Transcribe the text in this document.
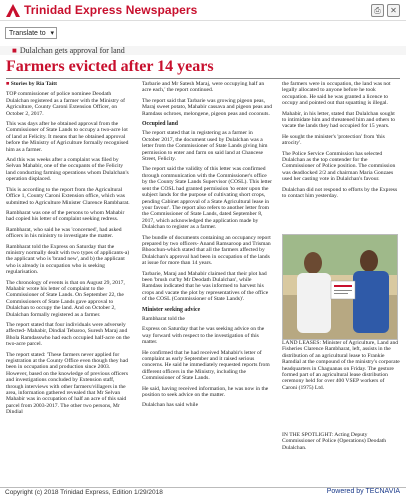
Trinidad Express Newspapers	⎙	✕
Translate to ▾
■ Dulalchan gets approval for land
Farmers evicted after 14 years

■ Stories by Ria Taitt

TOP commissioner of police nominee Deodath Dulalchan registered as a farmer with the Ministry of Agriculture, County Caroni Extension Officer, on October 2, 2017.

This was days after he obtained approval from the Commissioner of State Lands to occupy a two-acre lot of land at Felicity. It means that he obtained approval before the Ministry of Agriculture formally recognised him as a farmer.

And this was weeks after a complaint was filed by Selvan Mahabir, one of the occupants of the Felicity land conducting farming operations whom Dulalchan's operation displaced.

This is according to the report from the Agricultural Office 1, County Caroni Extension office, which was submitted to Agriculture Minister Clarence Rambharat.

Rambharat was one of the persons to whom Mahabir had copied his letter of complaint seeking redress.

Rambharat, who said he was 'concerned', had asked officers in his ministry to investigate the matter.

Rambharat told the Express on Saturday that the ministry normally dealt with two types of applicants-a) the applicant who is 'brand new', and b) the applicant who is already in occupation who is seeking regularisation.

The chronology of events is that on August 29, 2017, Mahabir wrote his letter of complaint to the Commissioner of State Lands. On September 22, the Commissioners of State Lands gave approval to Dulalchan to occupy the land. And on October 2, Dulalchan formally registered as a farmer.

The report stated that four individuals were adversely affected- Mahabir, Dindial Tebaroo, Suresh Maraj and Bhola Ramdasswho had each occupied half-acre on the two-acre parcel.

The report stated: 'These farmers never applied for registration at the County Office even though they had been in occupation and production since 2003. However, based on the knowledge of previous officers and investigations concluded by Extension staff, through interviews with other farmers/villagers in the area, information gathered revealed that Mr Selvan Mahabir was in occupation of half an acre of this said parcel from 2003-2017. The other two persons, Mr Dindial

Tarbarie and Mr Satesh Maraj, were occupying half an acre each,' the report continued.

The report said that Tarbarie was growing pigeon peas, Maraj sweet potato, Mahabir cassava and pigeon peas and Ramdass ochroes, melongene, pigeon peas and coconuts.

Occupied land

The report stated that in registering as a farmer in October 2017, the document used by Dulalchan was a letter from the Commissioner of State Lands giving him permission to enter and farm on said land at Chancese Street, Felicity.

The report said the validity of this letter was confirmed through communication with the Commissioner's office by the County State Lands Supervisor (COSL). This letter sent the COSL had granted permission 'to enter upon the subject lands for the purpose of cultivating short crops, pending Cabinet approval of a State Agricultural lease in your favour'. The report also refers to another letter from the Commissioner of State Lands, dated September 8, 2017, which acknowledged the application made by Dulalchan to register as a farmer.

The bundle of documents containing an occupancy report prepared by two officers- Anand Ramsaroop and Trisman Bhoochun-which stated that all the farmers affected by Dulalchan's approval had been in occupation of the lands at issue for more than 14 years.

Tarbarie, Maraj and Mahabir claimed that their plot had been 'brush cut'by Mr Deodath Dulalchan', while Ramdass indicated that he was informed to harvest his crops and vacate the plot by representatives of the office of the COSL (Commissioner of State Lands)'.

Minister seeking advice

Rambharat told the

Express on Saturday that he was seeking advice on the way forward with respect to the investigation of this matter.

He confirmed that he had received Mahabir's letter of complaint as early September and it raised serious concerns. He said he immediately requested reports from different officers in the Ministry, including the Commissioner of State Lands.

He said, having received information, he was now in the position to seek advice on the matter.

Dulalchan has said while

the farmers were in occupation, the land was not legally allocated to anyone before he took occupation. He said he was granted a licence to occupy and pointed out that squatting is illegal.

Mahabir, in his letter, stated that Dulalchan sought to intimidate him and threatened him and others to vacate the lands they had occupied for 15 years.

He sought the minister's 'protection' from 'this atrocity'.

The Police Service Commission has selected Dulalchan as the top contender for the Commissioner of Police position. The commission was deadlocked 2/2 and chairman Maria Gonzaes used her casting vote in Dulalchan's favour.

Dulalchan did not respond to efforts by the Express to contact him yesterday.

LAND LEASES: Minister of Agriculture, Land and Fisheries Clarence Rambharat, left, assists in the distribution of an agricultural lease to Frankie Ramdial at the compound of the ministry's corporate headquarters in Chaguanas on Friday. The gesture formed part of an agricultural lease distribution ceremony held for over 400 VSEP workers of Caroni (1975) Ltd.
IN THE SPOTLIGHT: Acting Deputy Commissioner of Police (Operations) Deodath Dulalchan.
Copyright (c) 2018 Trinidad Express, Edition 1/29/2018	Powered by TECNAVIA
